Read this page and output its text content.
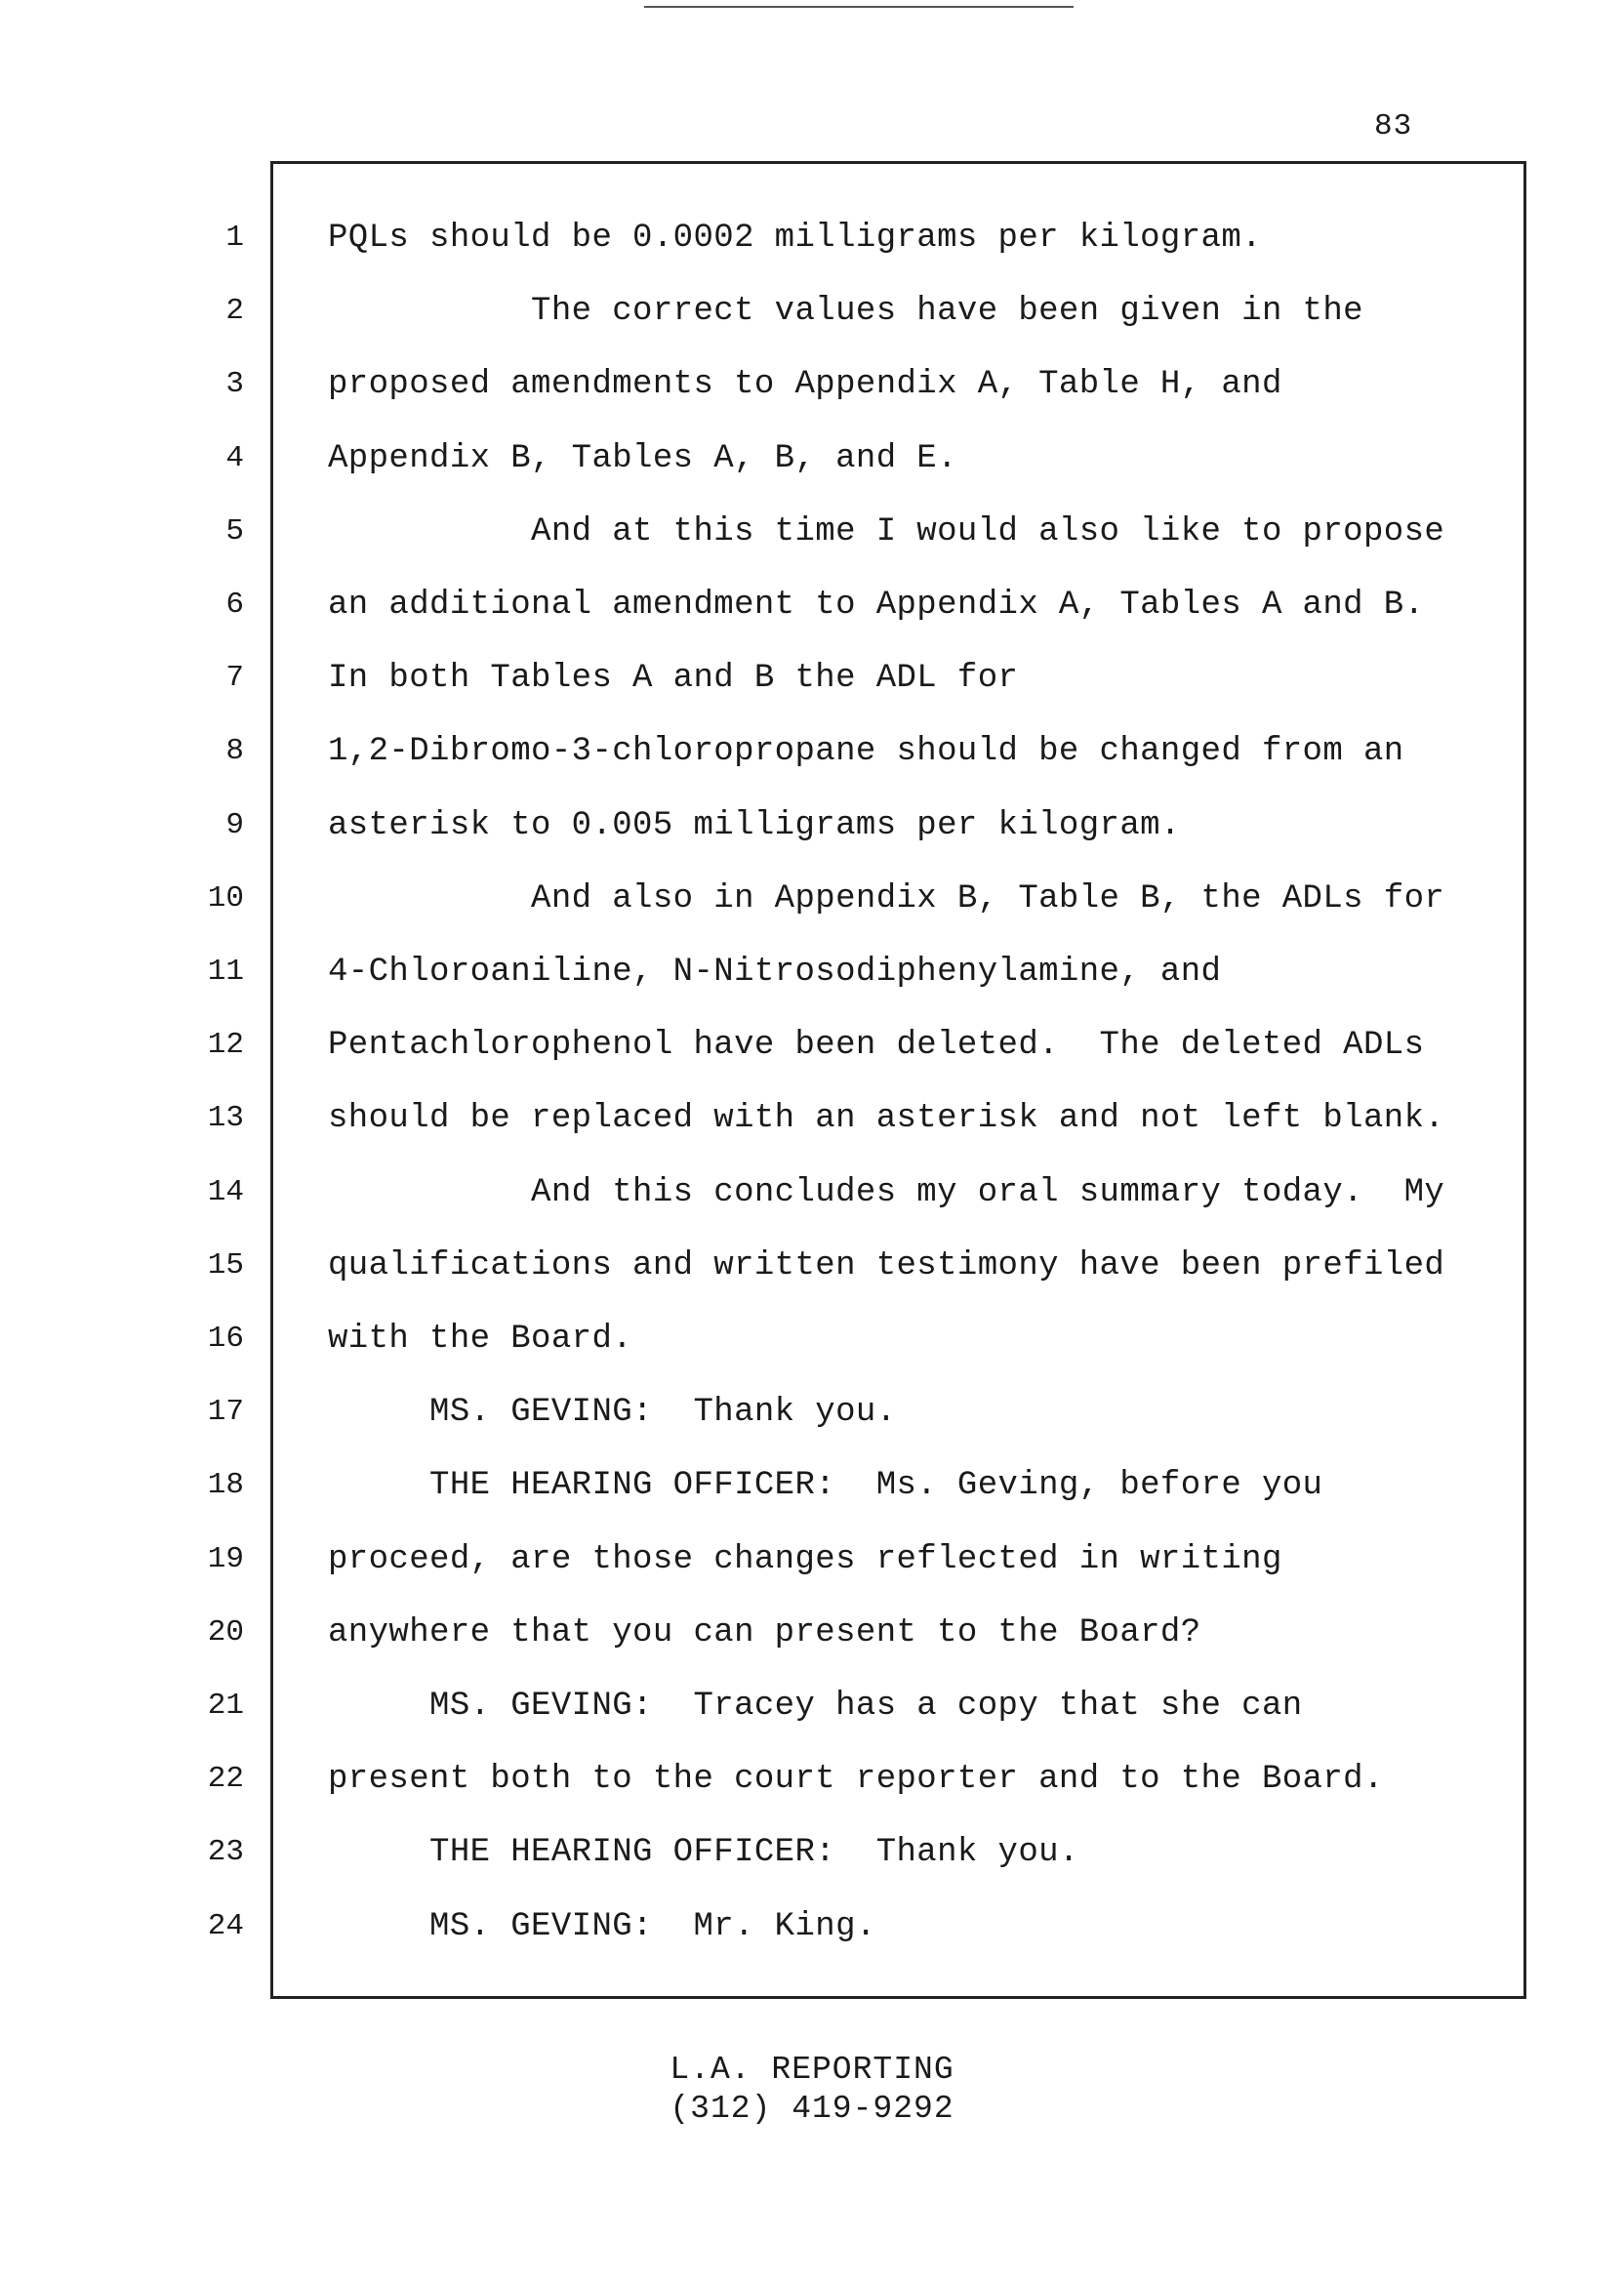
83
1	PQLs should be 0.0002 milligrams per kilogram.
2	The correct values have been given in the
3	proposed amendments to Appendix A, Table H, and
4	Appendix B, Tables A, B, and E.
5	And at this time I would also like to propose
6	an additional amendment to Appendix A, Tables A and B.
7	In both Tables A and B the ADL for
8	1,2-Dibromo-3-chloropropane should be changed from an
9	asterisk to 0.005 milligrams per kilogram.
10	And also in Appendix B, Table B, the ADLs for
11	4-Chloroaniline, N-Nitrosodiphenylamine, and
12	Pentachlorophenol have been deleted.  The deleted ADLs
13	should be replaced with an asterisk and not left blank.
14	And this concludes my oral summary today.  My
15	qualifications and written testimony have been prefiled
16	with the Board.
17	MS. GEVING:  Thank you.
18	THE HEARING OFFICER:  Ms. Geving, before you
19	proceed, are those changes reflected in writing
20	anywhere that you can present to the Board?
21	MS. GEVING:  Tracey has a copy that she can
22	present both to the court reporter and to the Board.
23	THE HEARING OFFICER:  Thank you.
24	MS. GEVING:  Mr. King.
L.A. REPORTING
(312) 419-9292
